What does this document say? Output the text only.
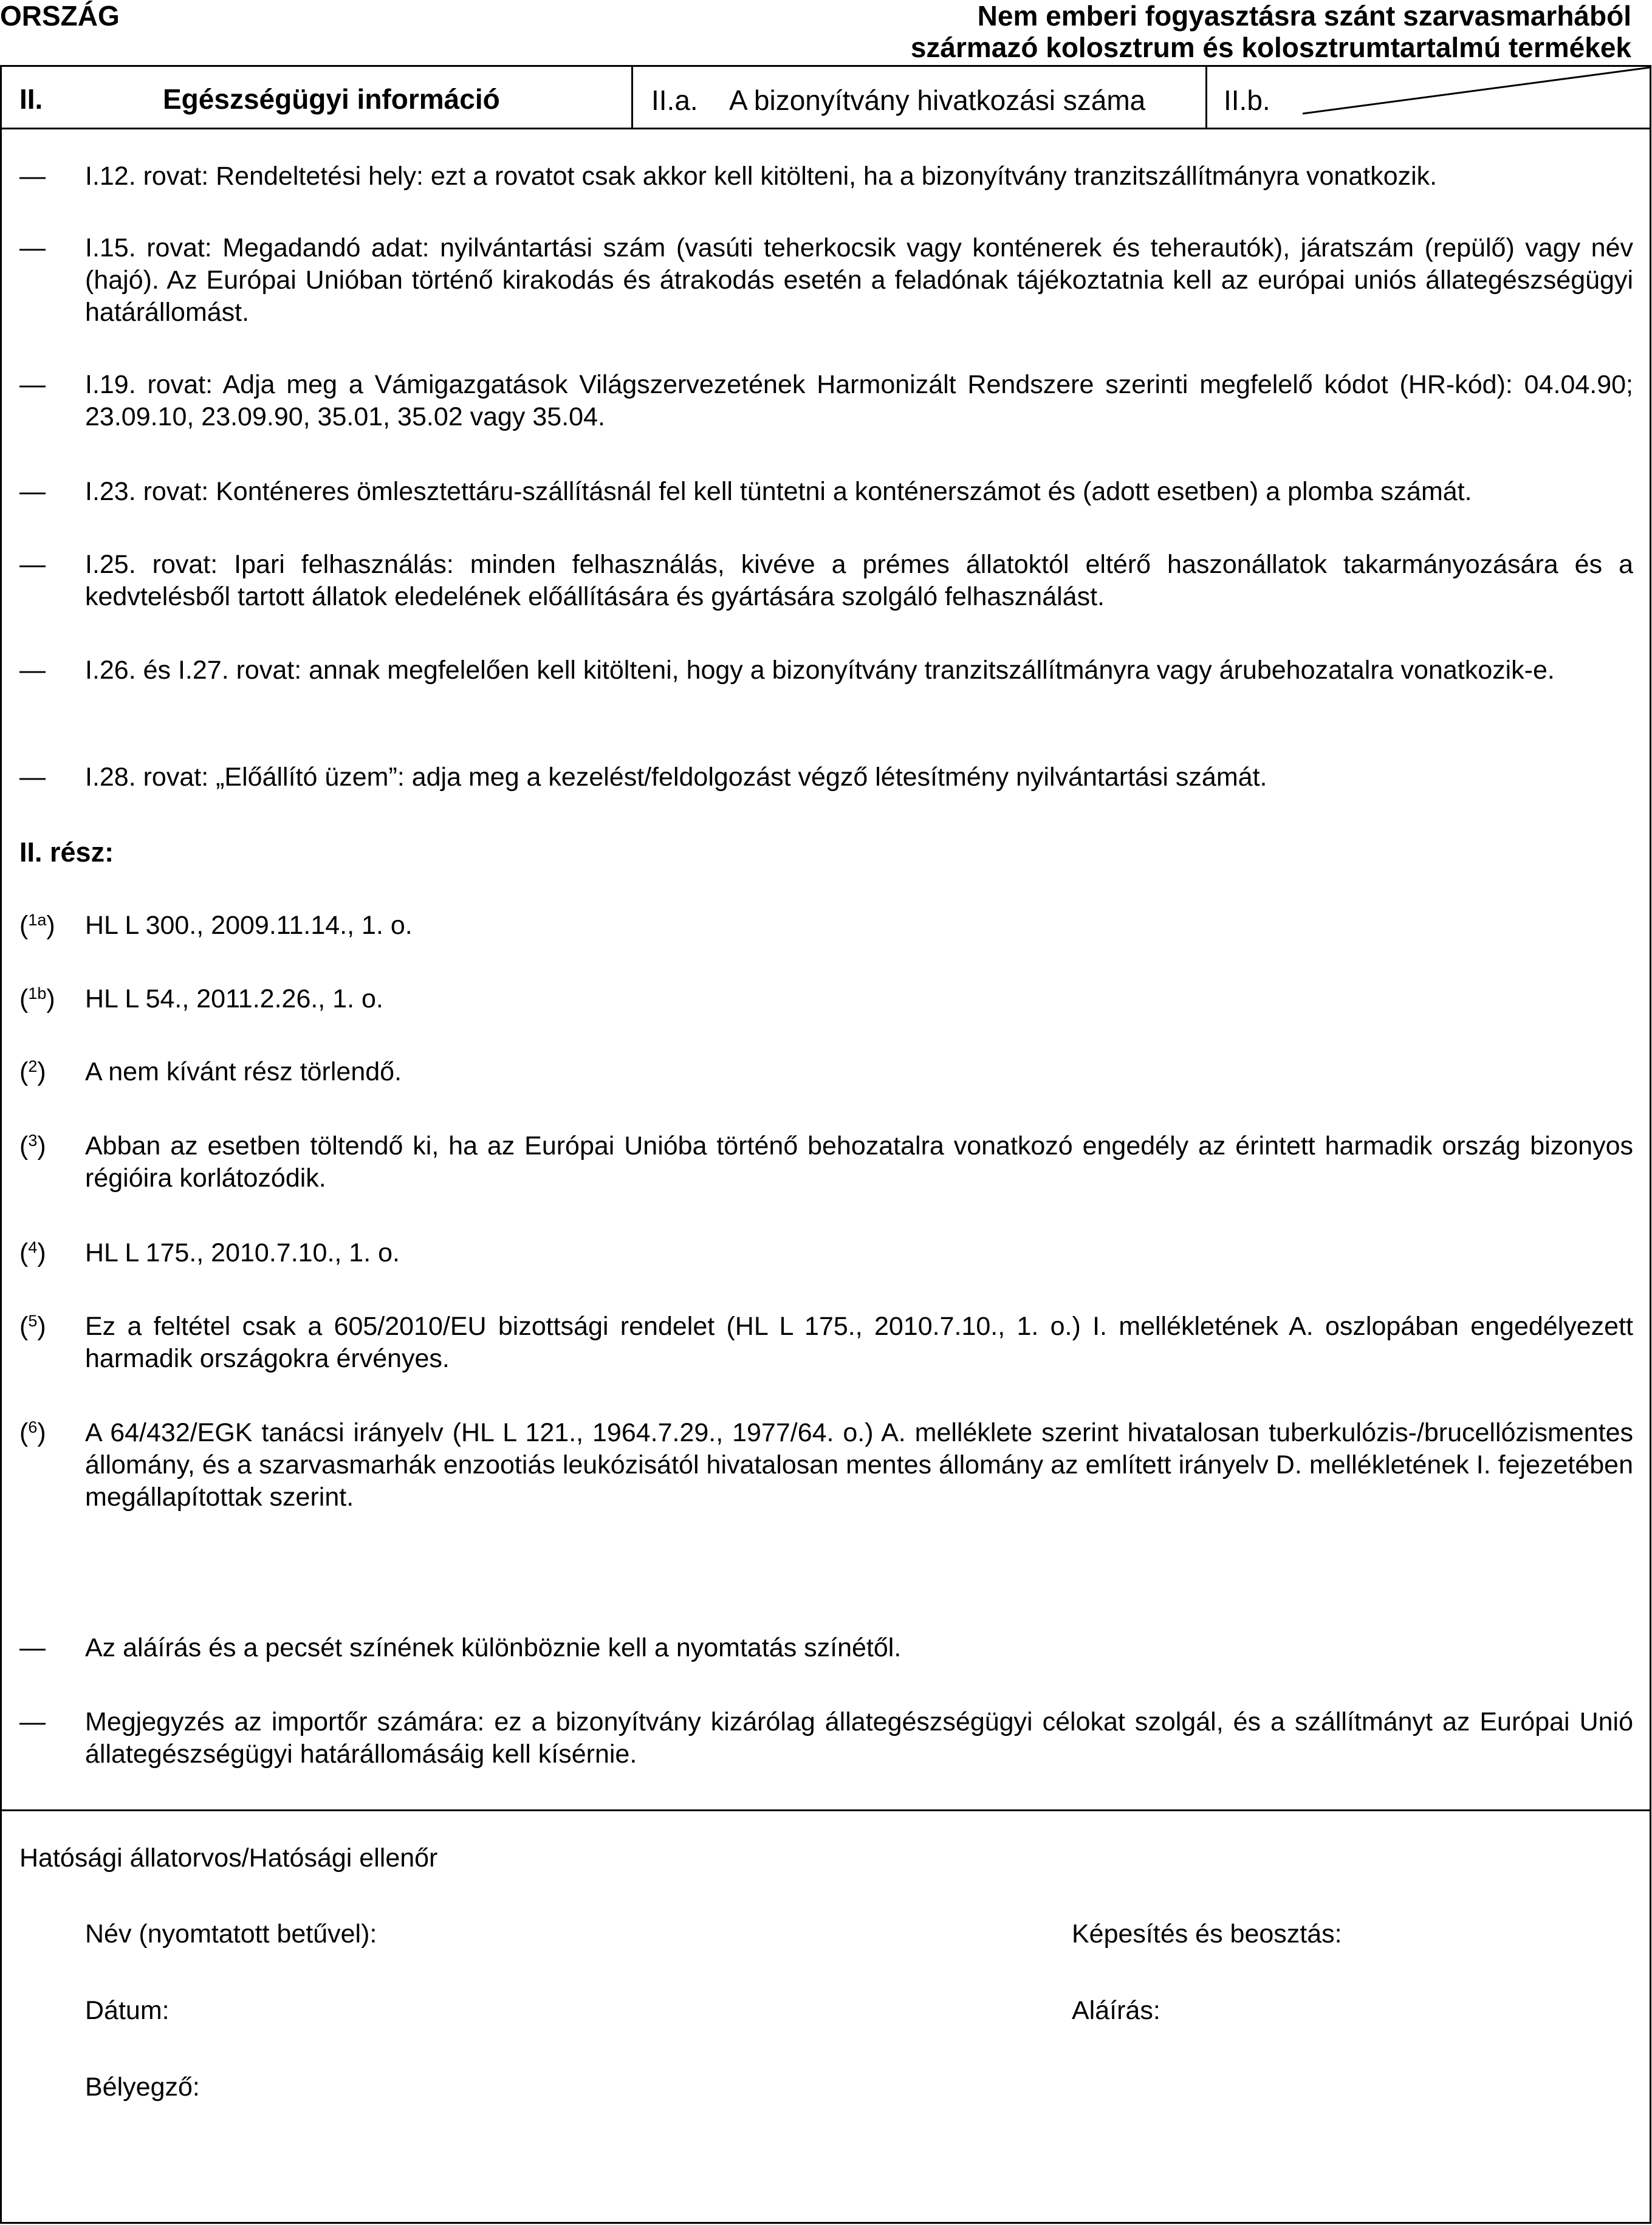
ORSZÁG	Nem emberi fogyasztásra szánt szarvasmarhából
származó kolosztrum és kolosztrumtartalmú termékek
II.	Egészségügyi információ	II.a. A bizonyítvány hivatkozási száma	II.b.
— I.12. rovat: Rendeltetési hely: ezt a rovatot csak akkor kell kitölteni, ha a bizonyítvány tranzitszállítmányra vonatkozik.
— I.15. rovat: Megadandó adat: nyilvántartási szám (vasúti teherkocsik vagy konténerek és teherautók), járatszám (repülő) vagy név (hajó). Az Európai Unióban történő kirakodás és átrakodás esetén a feladónak tájékoztatnia kell az európai uniós állategészségügyi határállomást.
— I.19. rovat: Adja meg a Vámigazgatások Világszervezetének Harmonizált Rendszere szerinti megfelelő kódot (HR-kód): 04.04.90; 23.09.10, 23.09.90, 35.01, 35.02 vagy 35.04.
— I.23. rovat: Konténeres ömlesztettáru-szállításnál fel kell tüntetni a konténerszámot és (adott esetben) a plomba számát.
— I.25. rovat: Ipari felhasználás: minden felhasználás, kivéve a prémes állatoktól eltérő haszonállatok takarmányozására és a kedvtelésből tartott állatok eledelének előállítására és gyártására szolgáló felhasználást.
— I.26. és I.27. rovat: annak megfelelően kell kitölteni, hogy a bizonyítvány tranzitszállítmányra vagy árubehozatalra vonatkozik-e.
— I.28. rovat: „Előállító üzem”: adja meg a kezelést/feldolgozást végző létesítmény nyilvántartási számát.
II. rész:
($^{1a}$) HL L 300., 2009.11.14., 1. o.
($^{1b}$) HL L 54., 2011.2.26., 1. o.
($^2$) A nem kívánt rész törlendő.
($^3$) Abban az esetben töltendő ki, ha az Európai Unióba történő behozatalra vonatkozó engedély az érintett harmadik ország bizonyos régióira korlátozódik.
($^4$) HL L 175., 2010.7.10., 1. o.
($^5$) Ez a feltétel csak a 605/2010/EU bizottsági rendelet (HL L 175., 2010.7.10., 1. o.) I. mellékletének A. oszlopában engedélyezett harmadik országokra érvényes.
($^6$) A 64/432/EGK tanácsi irányelv (HL L 121., 1964.7.29., 1977/64. o.) A. melléklete szerint hivatalosan tuberkulózis-/brucellózismentes állomány, és a szarvasmarhák enzootiás leukózisától hivatalosan mentes állomány az említett irányelv D. mellékletének I. fejezetében megállapítottak szerint.
— Az aláírás és a pecsét színének különböznie kell a nyomtatás színétől.
— Megjegyzés az importőr számára: ez a bizonyítvány kizárólag állategészségügyi célokat szolgál, és a szállítmányt az Európai Unió állategészségügyi határállomásáig kell kísérnie.
Hatósági állatorvos/Hatósági ellenőr
Név (nyomtatott betűvel):	Képesítés és beosztás:
Dátum:	Aláírás:
Bélyegző:
